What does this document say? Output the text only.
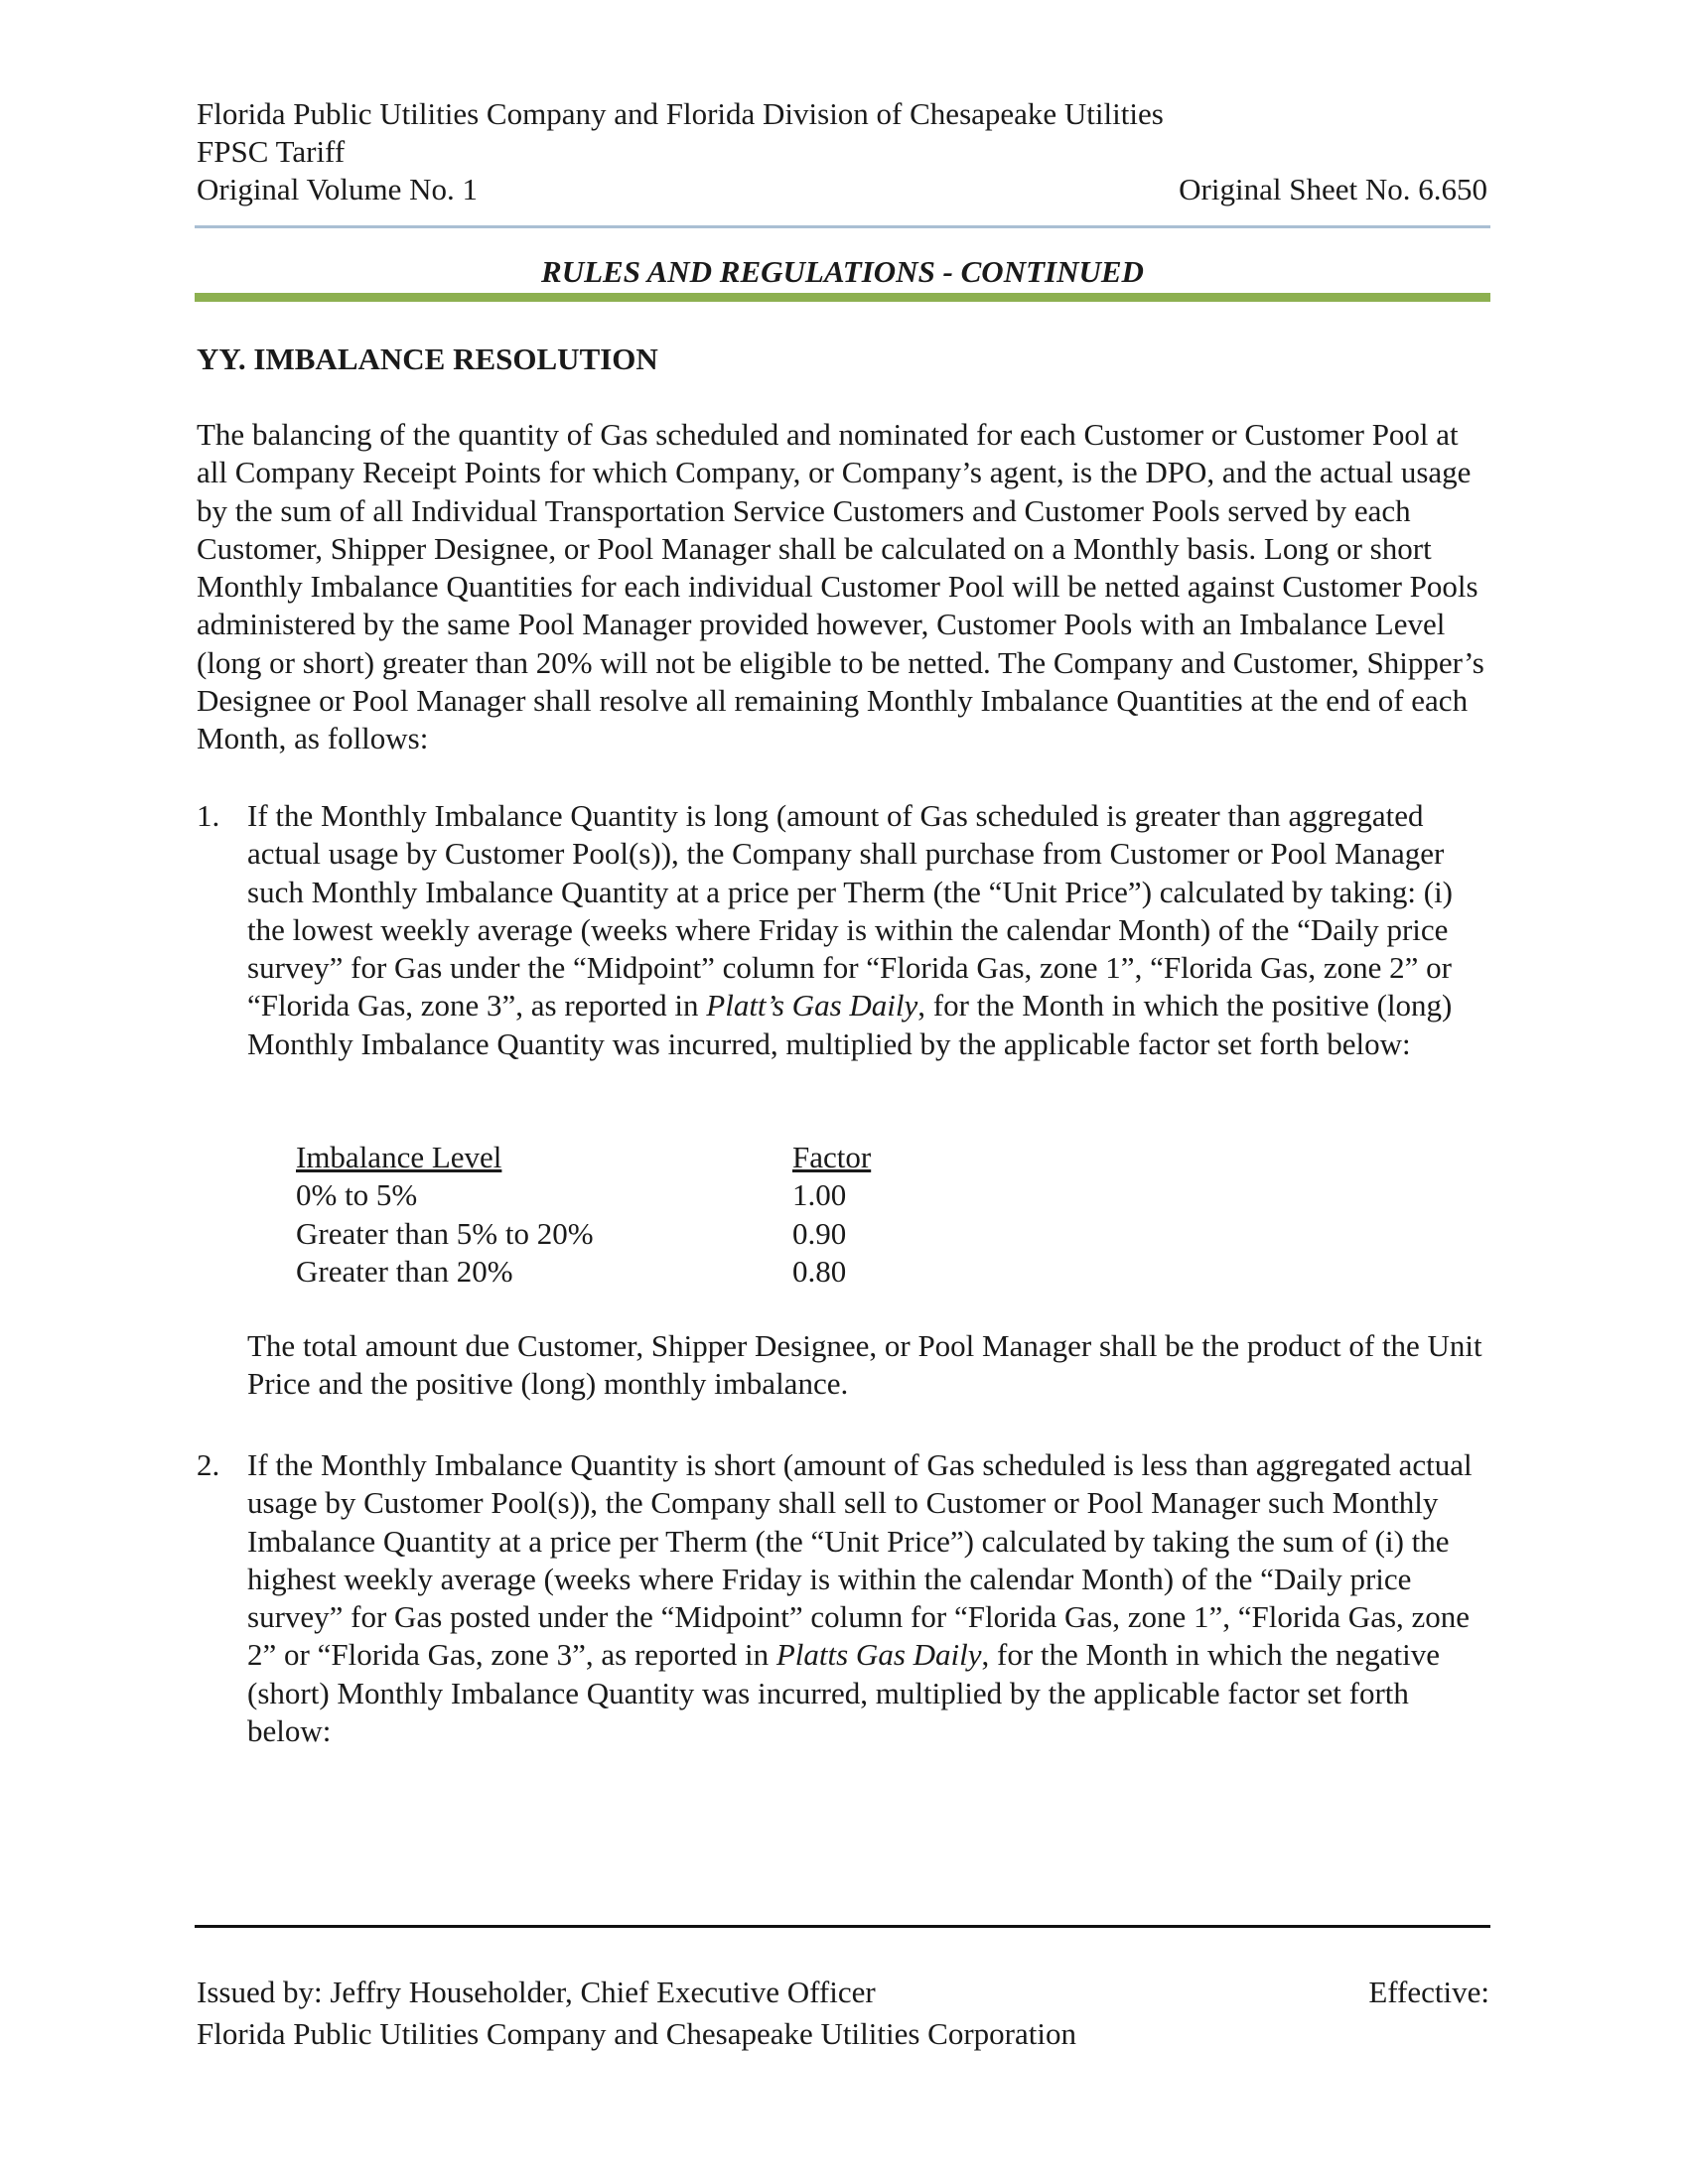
Florida Public Utilities Company and Florida Division of Chesapeake Utilities
FPSC Tariff
Original Volume No. 1	Original Sheet No. 6.650
RULES AND REGULATIONS - CONTINUED
YY. IMBALANCE RESOLUTION

The balancing of the quantity of Gas scheduled and nominated for each Customer or Customer Pool at all Company Receipt Points for which Company, or Company’s agent, is the DPO, and the actual usage by the sum of all Individual Transportation Service Customers and Customer Pools served by each Customer, Shipper Designee, or Pool Manager shall be calculated on a Monthly basis. Long or short Monthly Imbalance Quantities for each individual Customer Pool will be netted against Customer Pools administered by the same Pool Manager provided however, Customer Pools with an Imbalance Level (long or short) greater than 20% will not be eligible to be netted. The Company and Customer, Shipper’s Designee or Pool Manager shall resolve all remaining Monthly Imbalance Quantities at the end of each Month, as follows:

1. If the Monthly Imbalance Quantity is long (amount of Gas scheduled is greater than aggregated actual usage by Customer Pool(s)), the Company shall purchase from Customer or Pool Manager such Monthly Imbalance Quantity at a price per Therm (the “Unit Price”) calculated by taking: (i) the lowest weekly average (weeks where Friday is within the calendar Month) of the “Daily price survey” for Gas under the “Midpoint” column for “Florida Gas, zone 1”, “Florida Gas, zone 2” or “Florida Gas, zone 3”, as reported in Platt’s Gas Daily, for the Month in which the positive (long) Monthly Imbalance Quantity was incurred, multiplied by the applicable factor set forth below:

Imbalance Level	Factor
0% to 5%	1.00
Greater than 5% to 20%	0.90
Greater than 20%	0.80

The total amount due Customer, Shipper Designee, or Pool Manager shall be the product of the Unit Price and the positive (long) monthly imbalance.

2. If the Monthly Imbalance Quantity is short (amount of Gas scheduled is less than aggregated actual usage by Customer Pool(s)), the Company shall sell to Customer or Pool Manager such Monthly Imbalance Quantity at a price per Therm (the “Unit Price”) calculated by taking the sum of (i) the highest weekly average (weeks where Friday is within the calendar Month) of the “Daily price survey” for Gas posted under the “Midpoint” column for “Florida Gas, zone 1”, “Florida Gas, zone 2” or “Florida Gas, zone 3”, as reported in Platts Gas Daily, for the Month in which the negative (short) Monthly Imbalance Quantity was incurred, multiplied by the applicable factor set forth below:

Issued by: Jeffry Householder, Chief Executive Officer	Effective:
Florida Public Utilities Company and Chesapeake Utilities Corporation
